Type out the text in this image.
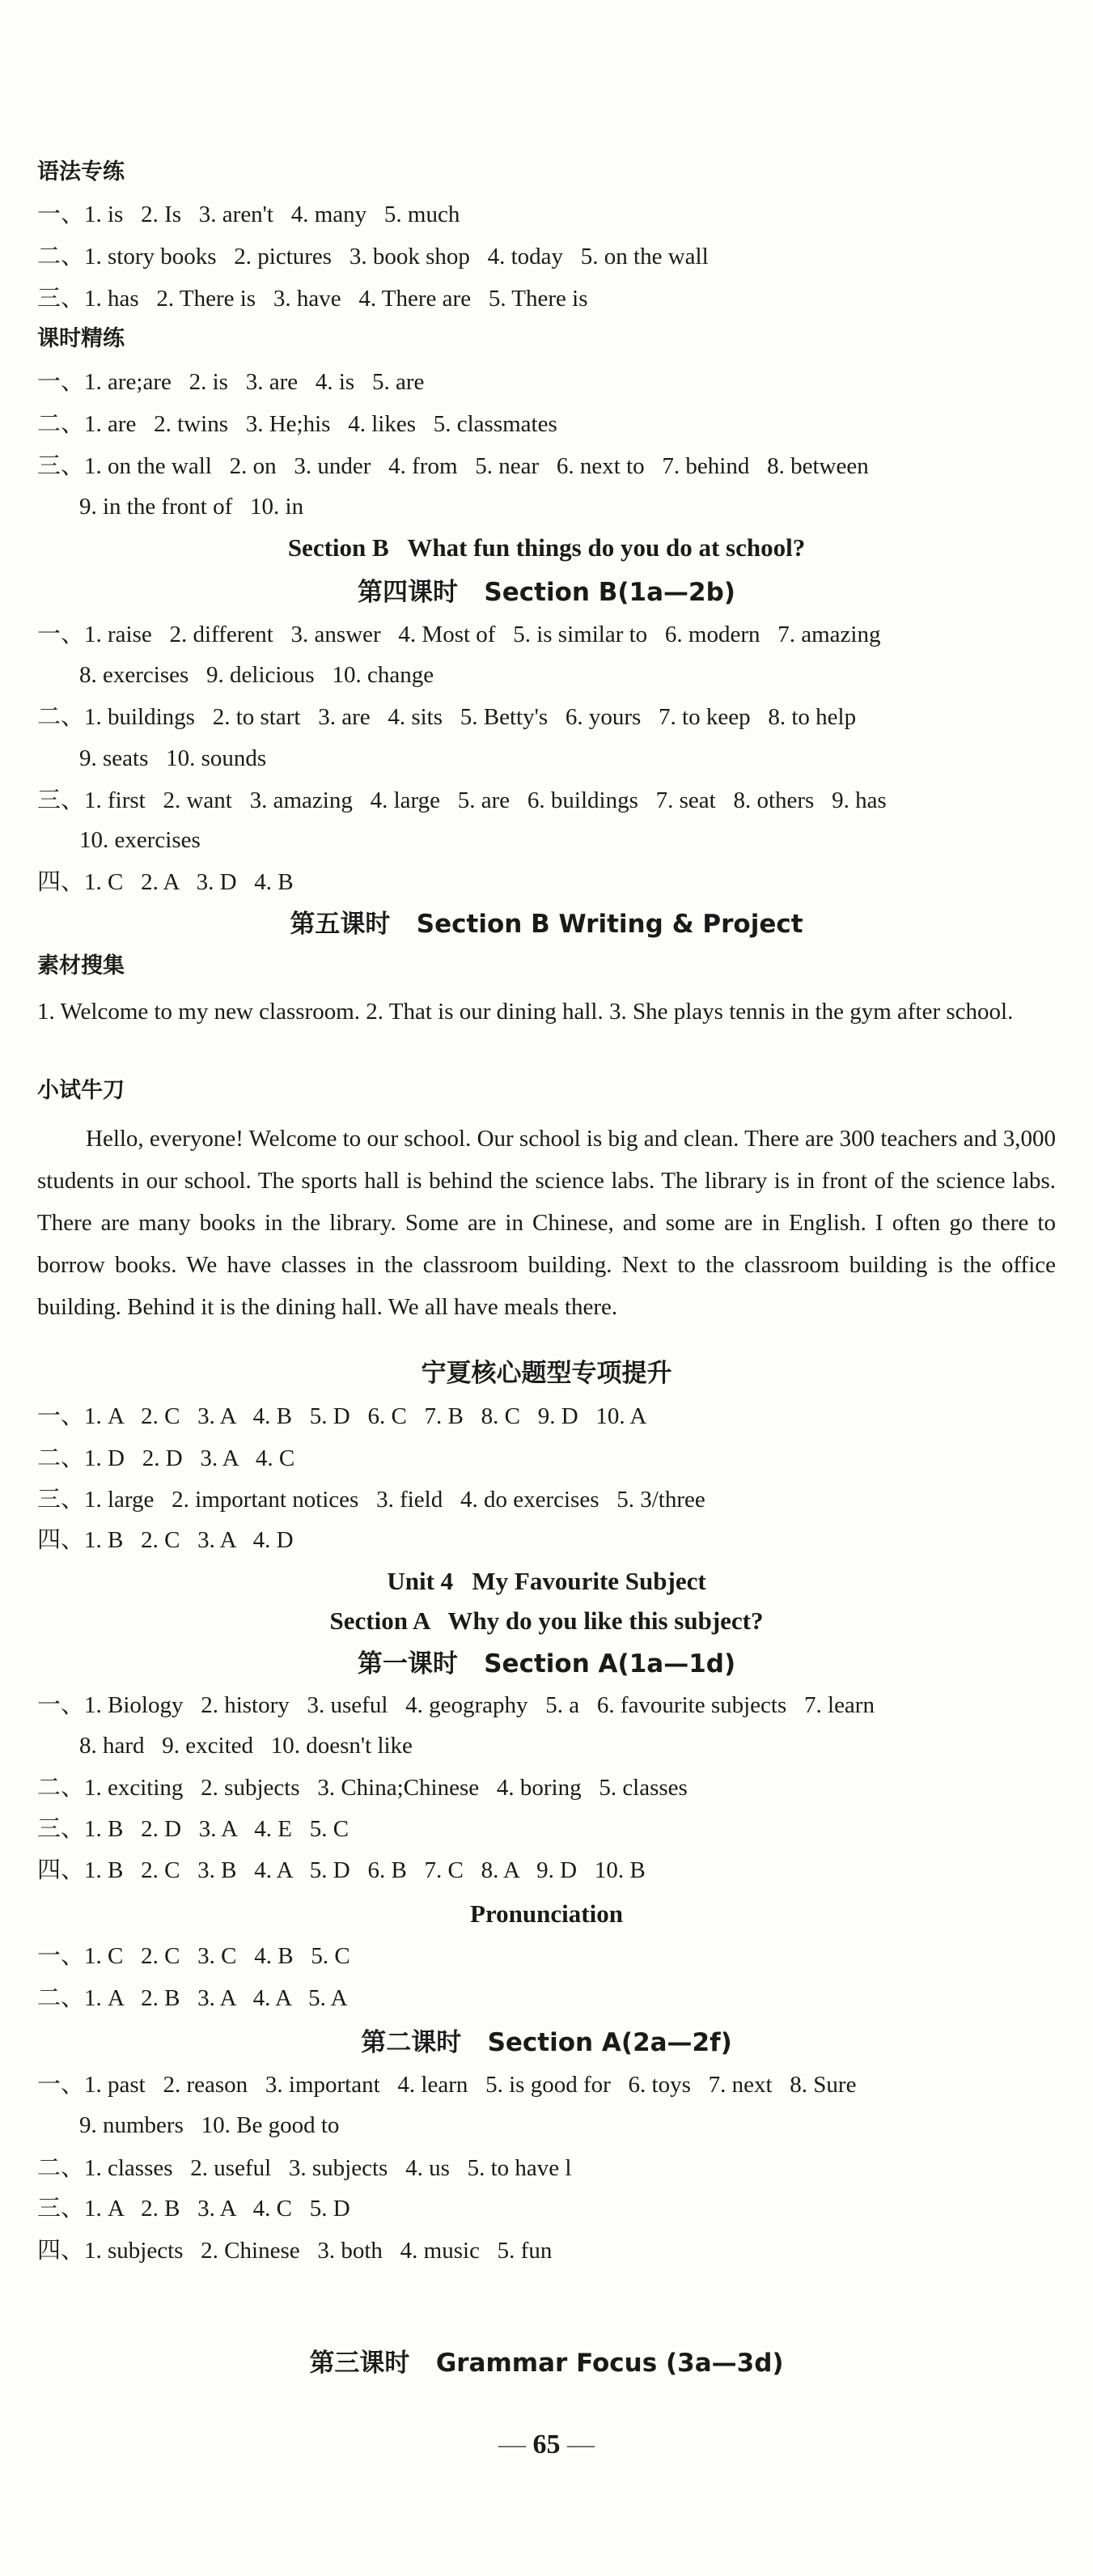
语法专练
一、1. is   2. Is   3. aren't   4. many   5. much
二、1. story books   2. pictures   3. book shop   4. today   5. on the wall
三、1. has   2. There is   3. have   4. There are   5. There is
课时精练
一、1. are;are   2. is   3. are   4. is   5. are
二、1. are   2. twins   3. He;his   4. likes   5. classmates
三、1. on the wall   2. on   3. under   4. from   5. near   6. next to   7. behind   8. between
9. in the front of   10. in
Section B   What fun things do you do at school?
第四课时   Section B(1a—2b)
一、1. raise   2. different   3. answer   4. Most of   5. is similar to   6. modern   7. amazing
8. exercises   9. delicious   10. change
二、1. buildings   2. to start   3. are   4. sits   5. Betty's   6. yours   7. to keep   8. to help
9. seats   10. sounds
三、1. first   2. want   3. amazing   4. large   5. are   6. buildings   7. seat   8. others   9. has
10. exercises
四、1. C   2. A   3. D   4. B
第五课时   Section B Writing & Project
素材搜集
1. Welcome to my new classroom. 2. That is our dining hall. 3. She plays tennis in the gym after school.
小试牛刀
Hello, everyone! Welcome to our school. Our school is big and clean. There are 300 teachers and 3,000 students in our school. The sports hall is behind the science labs. The library is in front of the science labs. There are many books in the library. Some are in Chinese, and some are in English. I often go there to borrow books. We have classes in the classroom building. Next to the classroom building is the office building. Behind it is the dining hall. We all have meals there.
宁夏核心题型专项提升
一、1. A   2. C   3. A   4. B   5. D   6. C   7. B   8. C   9. D   10. A
二、1. D   2. D   3. A   4. C
三、1. large   2. important notices   3. field   4. do exercises   5. 3/three
四、1. B   2. C   3. A   4. D
Unit 4   My Favourite Subject
Section A   Why do you like this subject?
第一课时   Section A(1a—1d)
一、1. Biology   2. history   3. useful   4. geography   5. a   6. favourite subjects   7. learn
8. hard   9. excited   10. doesn't like
二、1. exciting   2. subjects   3. China;Chinese   4. boring   5. classes
三、1. B   2. D   3. A   4. E   5. C
四、1. B   2. C   3. B   4. A   5. D   6. B   7. C   8. A   9. D   10. B
Pronunciation
一、1. C   2. C   3. C   4. B   5. C
二、1. A   2. B   3. A   4. A   5. A
第二课时   Section A(2a—2f)
一、1. past   2. reason   3. important   4. learn   5. is good for   6. toys   7. next   8. Sure
9. numbers   10. Be good to
二、1. classes   2. useful   3. subjects   4. us   5. to have l
三、1. A   2. B   3. A   4. C   5. D
四、1. subjects   2. Chinese   3. both   4. music   5. fun
第三课时   Grammar Focus (3a—3d)
— 65 —
